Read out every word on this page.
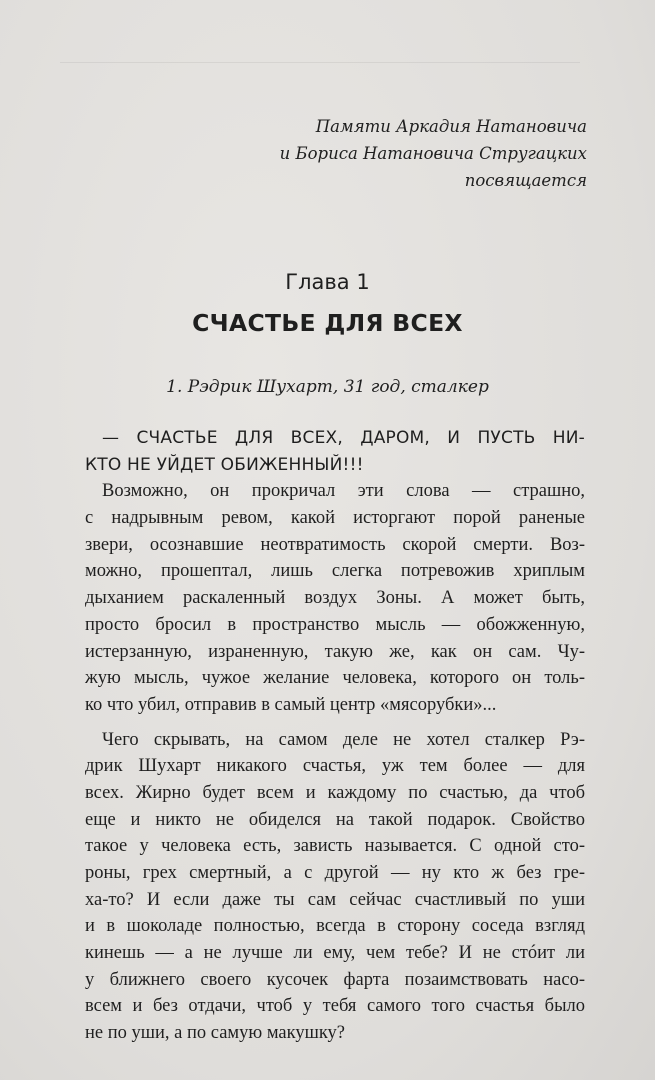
Памяти Аркадия Натановича
и Бориса Натановича Стругацких
посвящается
Глава 1
СЧАСТЬЕ ДЛЯ ВСЕХ
1. Рэдрик Шухарт, 31 год, сталкер
— СЧАСТЬЕ ДЛЯ ВСЕХ, ДАРОМ, И ПУСТЬ НИ-
КТО НЕ УЙДЕТ ОБИЖЕННЫЙ!!!
Возможно, он прокричал эти слова — страшно,
с надрывным ревом, какой исторгают порой раненые
звери, осознавшие неотвратимость скорой смерти. Воз-
можно, прошептал, лишь слегка потревожив хриплым
дыханием раскаленный воздух Зоны. А может быть,
просто бросил в пространство мысль — обожженную,
истерзанную, израненную, такую же, как он сам. Чу-
жую мысль, чужое желание человека, которого он толь-
ко что убил, отправив в самый центр «мясорубки»...
Чего скрывать, на самом деле не хотел сталкер Рэ-
дрик Шухарт никакого счастья, уж тем более — для
всех. Жирно будет всем и каждому по счастью, да чтоб
еще и никто не обиделся на такой подарок. Свойство
такое у человека есть, зависть называется. С одной сто-
роны, грех смертный, а с другой — ну кто ж без гре-
ха-то? И если даже ты сам сейчас счастливый по уши
и в шоколаде полностью, всегда в сторону соседа взгляд
кинешь — а не лучше ли ему, чем тебе? И не стóит ли
у ближнего своего кусочек фарта позаимствовать насо-
всем и без отдачи, чтоб у тебя самого того счастья было
не по уши, а по самую макушку?
